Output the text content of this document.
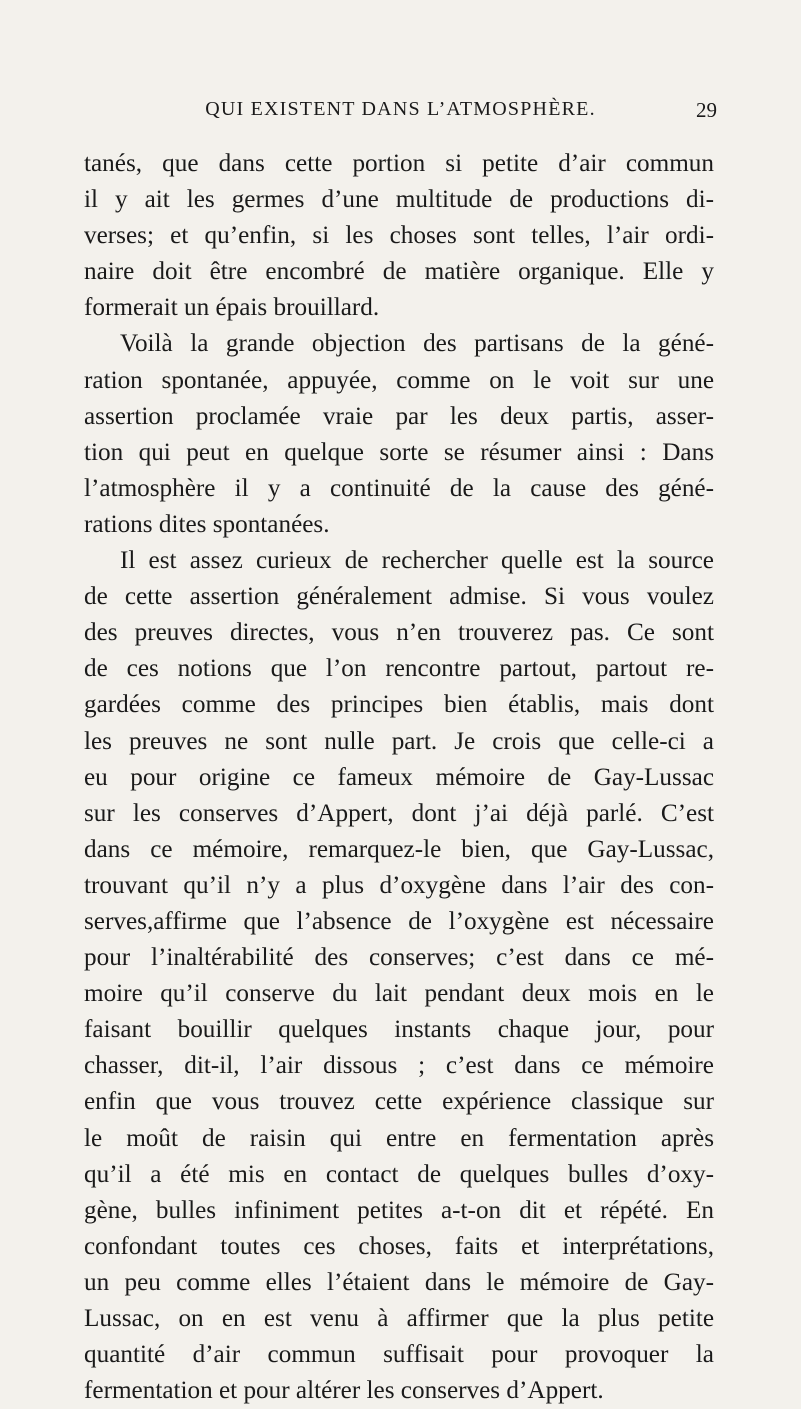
QUI EXISTENT DANS L’ATMOSPHÈRE.	29
tanés, que dans cette portion si petite d’air commun
il y ait les germes d’une multitude de productions di-
verses; et qu’enfin, si les choses sont telles, l’air ordi-
naire doit être encombré de matière organique. Elle y
formerait un épais brouillard.
Voilà la grande objection des partisans de la géné-
ration spontanée, appuyée, comme on le voit sur une
assertion proclamée vraie par les deux partis, asser-
tion qui peut en quelque sorte se résumer ainsi : Dans
l’atmosphère il y a continuité de la cause des géné-
rations dites spontanées.
Il est assez curieux de rechercher quelle est la source
de cette assertion généralement admise. Si vous voulez
des preuves directes, vous n’en trouverez pas. Ce sont
de ces notions que l’on rencontre partout, partout re-
gardées comme des principes bien établis, mais dont
les preuves ne sont nulle part. Je crois que celle-ci a
eu pour origine ce fameux mémoire de Gay-Lussac
sur les conserves d’Appert, dont j’ai déjà parlé. C’est
dans ce mémoire, remarquez-le bien, que Gay-Lussac,
trouvant qu’il n’y a plus d’oxygène dans l’air des con-
serves,affirme que l’absence de l’oxygène est nécessaire
pour l’inaltérabilité des conserves; c’est dans ce mé-
moire qu’il conserve du lait pendant deux mois en le
faisant bouillir quelques instants chaque jour, pour
chasser, dit-il, l’air dissous ; c’est dans ce mémoire
enfin que vous trouvez cette expérience classique sur
le moût de raisin qui entre en fermentation après
qu’il a été mis en contact de quelques bulles d’oxy-
gène, bulles infiniment petites a-t-on dit et répété. En
confondant toutes ces choses, faits et interprétations,
un peu comme elles l’étaient dans le mémoire de Gay-
Lussac, on en est venu à affirmer que la plus petite
quantité d’air commun suffisait pour provoquer la
fermentation et pour altérer les conserves d’Appert.
